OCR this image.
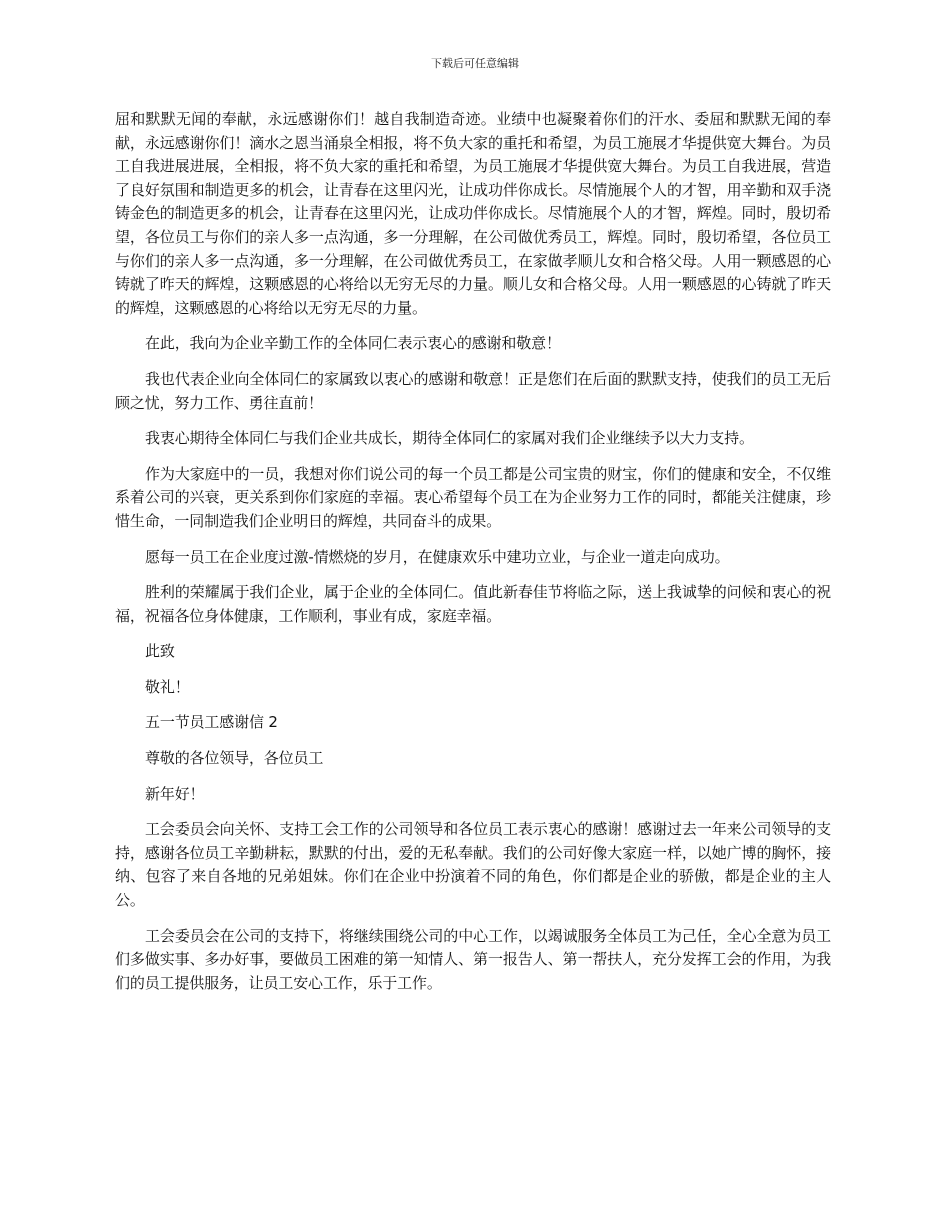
下载后可任意编辑

屈和默默无闻的奉献，永远感谢你们！越自我制造奇迹。业绩中也凝聚着你们的汗水、委屈和默默无闻的奉献，永远感谢你们！滴水之恩当涌泉全相报，将不负大家的重托和希望，为员工施展才华提供宽大舞台。为员工自我进展进展，全相报，将不负大家的重托和希望，为员工施展才华提供宽大舞台。为员工自我进展，营造了良好氛围和制造更多的机会，让青春在这里闪光，让成功伴你成长。尽情施展个人的才智，用辛勤和双手浇铸金色的制造更多的机会，让青春在这里闪光，让成功伴你成长。尽情施展个人的才智，辉煌。同时，殷切希望，各位员工与你们的亲人多一点沟通，多一分理解，在公司做优秀员工，辉煌。同时，殷切希望，各位员工与你们的亲人多一点沟通，多一分理解，在公司做优秀员工，在家做孝顺儿女和合格父母。人用一颗感恩的心铸就了昨天的辉煌，这颗感恩的心将给以无穷无尽的力量。顺儿女和合格父母。人用一颗感恩的心铸就了昨天的辉煌，这颗感恩的心将给以无穷无尽的力量。

在此，我向为企业辛勤工作的全体同仁表示衷心的感谢和敬意！

我也代表企业向全体同仁的家属致以衷心的感谢和敬意！正是您们在后面的默默支持，使我们的员工无后顾之忧，努力工作、勇往直前！

我衷心期待全体同仁与我们企业共成长，期待全体同仁的家属对我们企业继续予以大力支持。

作为大家庭中的一员，我想对你们说公司的每一个员工都是公司宝贵的财宝，你们的健康和安全，不仅维系着公司的兴衰，更关系到你们家庭的幸福。衷心希望每个员工在为企业努力工作的同时，都能关注健康，珍惜生命，一同制造我们企业明日的辉煌，共同奋斗的成果。

愿每一员工在企业度过激-情燃烧的岁月，在健康欢乐中建功立业，与企业一道走向成功。

胜利的荣耀属于我们企业，属于企业的全体同仁。值此新春佳节将临之际，送上我诚挚的问候和衷心的祝福，祝福各位身体健康，工作顺利，事业有成，家庭幸福。

此致

敬礼！

五一节员工感谢信 2

尊敬的各位领导，各位员工

新年好！

工会委员会向关怀、支持工会工作的公司领导和各位员工表示衷心的感谢！感谢过去一年来公司领导的支持，感谢各位员工辛勤耕耘，默默的付出，爱的无私奉献。我们的公司好像大家庭一样，以她广博的胸怀，接纳、包容了来自各地的兄弟姐妹。你们在企业中扮演着不同的角色，你们都是企业的骄傲，都是企业的主人公。

工会委员会在公司的支持下，将继续围绕公司的中心工作，以竭诚服务全体员工为己任，全心全意为员工们多做实事、多办好事，要做员工困难的第一知情人、第一报告人、第一帮扶人，充分发挥工会的作用，为我们的员工提供服务，让员工安心工作，乐于工作。
